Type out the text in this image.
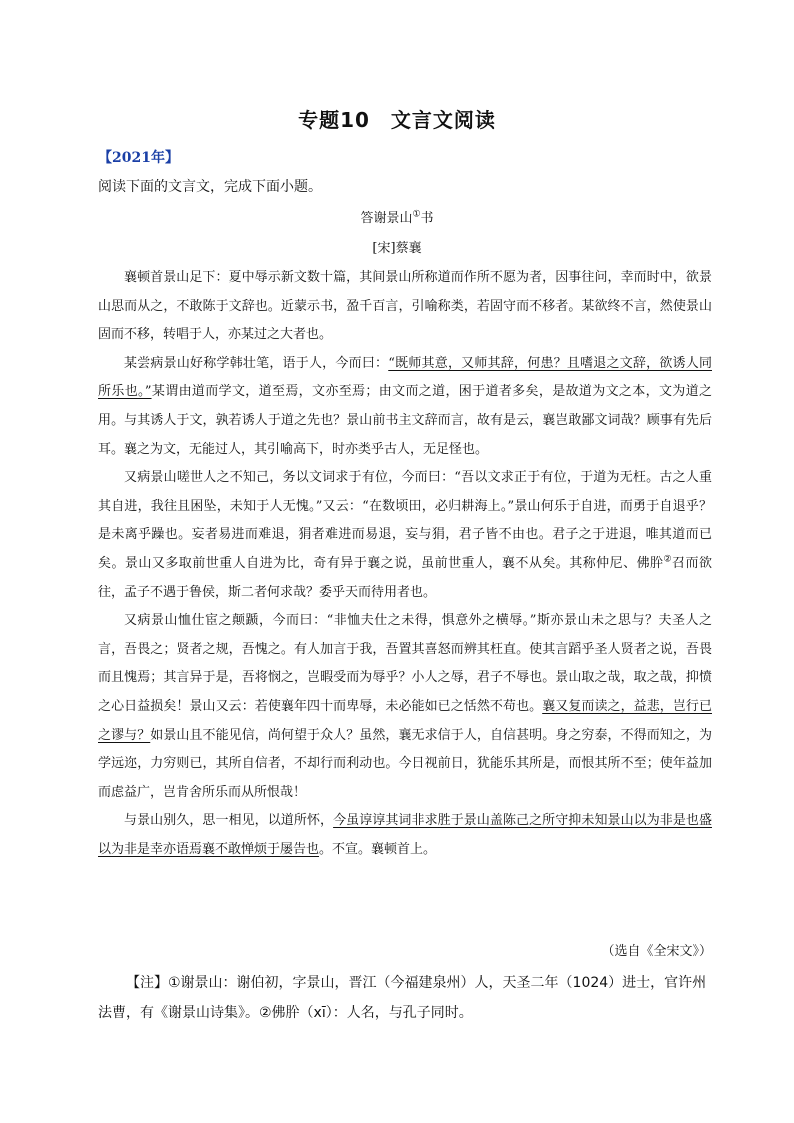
专题10　文言文阅读
【2021年】
阅读下面的文言文，完成下面小题。
答谢景山①书
[宋]蔡襄

襄顿首景山足下：夏中辱示新文数十篇，其间景山所称道而作所不愿为者，因事往问，幸而时中，欲景山思而从之，不敢陈于文辞也。近蒙示书，盈千百言，引喻称类，若固守而不移者。某欲终不言，然使景山固而不移，转唱于人，亦某过之大者也。

某尝病景山好称学韩壮笔，语于人，今而曰：“既师其意，又师其辞，何患？且嗜退之文辞，欲诱人同所乐也。”某谓由道而学文，道至焉，文亦至焉；由文而之道，困于道者多矣，是故道为文之本，文为道之用。与其诱人于文，孰若诱人于道之先也？景山前书主文辞而言，故有是云，襄岂敢鄙文词哉？顾事有先后耳。襄之为文，无能过人，其引喻高下，时亦类乎古人，无足怪也。

又病景山嗟世人之不知己，务以文词求于有位，今而曰：“吾以文求正于有位，于道为无枉。古之人重其自进，我往且困坠，未知于人无愧。”又云：“在数顷田，必归耕海上。”景山何乐于自进，而勇于自退乎？是未离乎躁也。妄者易进而难退，狷者难进而易退，妄与狷，君子皆不由也。君子之于进退，唯其道而已矣。景山又多取前世重人自进为比，奇有异于襄之说，虽前世重人，襄不从矣。其称仲尼、佛肸②召而欲往，孟子不遇于鲁侯，斯二者何求哉？委乎天而待用者也。

又病景山恤仕宦之颠踬，今而曰：“非恤夫仕之未得，惧意外之横辱。”斯亦景山未之思与？夫圣人之言，吾畏之；贤者之规，吾愧之。有人加言于我，吾置其喜怒而辨其枉直。使其言蹈乎圣人贤者之说，吾畏而且愧焉；其言异于是，吾将悯之，岂暇受而为辱乎？小人之辱，君子不辱也。景山取之哉，取之哉，抑愤之心日益损矣！景山又云：若使襄年四十而卑辱，未必能如已之恬然不苟也。襄又复而读之，益悲，岂行已之谬与？如景山且不能见信，尚何望于众人？虽然，襄无求信于人，自信甚明。身之穷泰，不得而知之，为学远迩，力穷则已，其所自信者，不却行而利动也。今日视前日，犹能乐其所是，而恨其所不至；使年益加而虑益广，岂肯舍所乐而从所恨哉！

与景山别久，思一相见，以道所怀，今虽谆谆其词非求胜于景山盖陈己之所守抑未知景山以为非是也盛以为非是幸亦语焉襄不敢惮烦于屡告也。不宣。襄顿首上。

（选自《全宋文》）
【注】①谢景山：谢伯初，字景山，晋江（今福建泉州）人，天圣二年（1024）进士，官许州法曹，有《谢景山诗集》。②佛肸（xī）：人名，与孔子同时。
